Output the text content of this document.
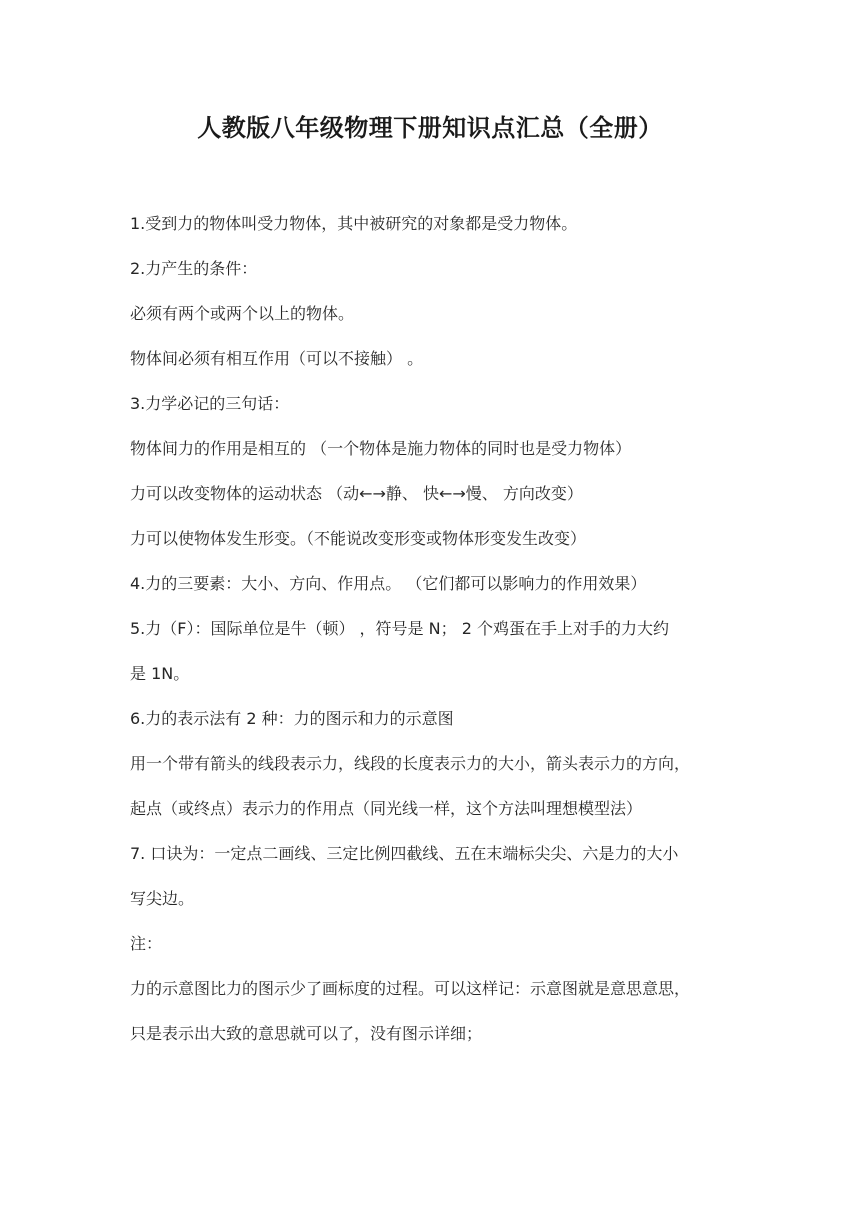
人教版八年级物理下册知识点汇总（全册）
1.受到力的物体叫受力物体，其中被研究的对象都是受力物体。
2.力产生的条件：
必须有两个或两个以上的物体。
物体间必须有相互作用（可以不接触） 。
3.力学必记的三句话：
物体间力的作用是相互的 （一个物体是施力物体的同时也是受力物体）
力可以改变物体的运动状态 （动←→静、 快←→慢、 方向改变）
力可以使物体发生形变。（不能说改变形变或物体形变发生改变）
4.力的三要素：大小、方向、作用点。 （它们都可以影响力的作用效果）
5.力（F）：国际单位是牛（顿） ，符号是 N； 2 个鸡蛋在手上对手的力大约
是 1N。
6.力的表示法有 2 种：力的图示和力的示意图
用一个带有箭头的线段表示力，线段的长度表示力的大小，箭头表示力的方向，
起点（或终点）表示力的作用点（同光线一样，这个方法叫理想模型法）
7. 口诀为：一定点二画线、三定比例四截线、五在末端标尖尖、六是力的大小
写尖边。
注：
力的示意图比力的图示少了画标度的过程。可以这样记：示意图就是意思意思，
只是表示出大致的意思就可以了，没有图示详细；
